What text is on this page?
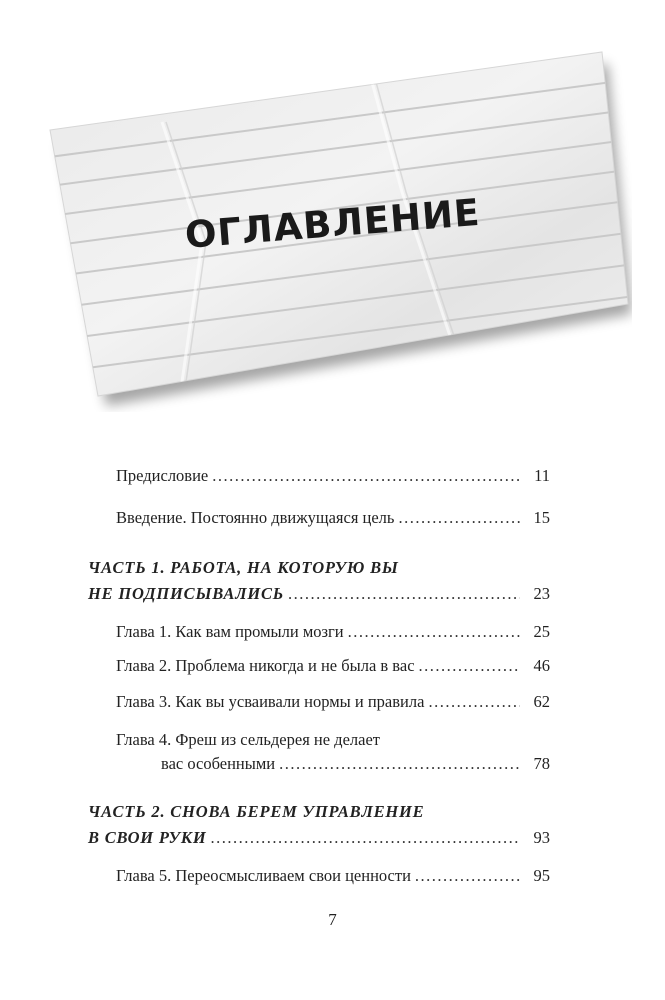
ОГЛАВЛЕНИЕ
Предисловие .....	11
Введение. Постоянно движущаяся цель .....	15
ЧАСТЬ 1. РАБОТА, НА КОТОРУЮ ВЫ
НЕ ПОДПИСЫВАЛИСЬ .....	23
Глава 1. Как вам промыли мозги .....	25
Глава 2. Проблема никогда и не была в вас .....	46
Глава 3. Как вы усваивали нормы и правила .....	62
Глава 4. Фреш из сельдерея не делает
вас особенными .....	78
ЧАСТЬ 2. СНОВА БЕРЕМ УПРАВЛЕНИЕ
В СВОИ РУКИ .....	93
Глава 5. Переосмысливаем свои ценности .....	95
7
